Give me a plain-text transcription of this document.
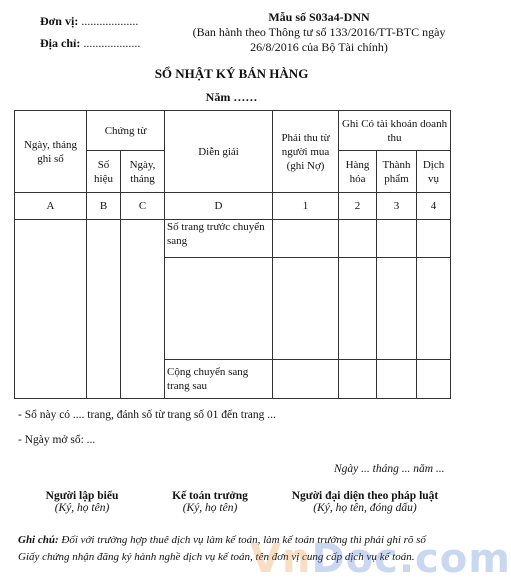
Đơn vị: ...................
Địa chỉ: ...................
Mẫu số S03a4-DNN
(Ban hành theo Thông tư số 133/2016/TT-BTC ngày
26/8/2016 của Bộ Tài chính)
SỔ NHẬT KÝ BÁN HÀNG
Năm ……
Ngày, tháng ghi sổ	Chứng từ		Diễn giải	Phải thu từ người mua (ghi Nợ)	Ghi Có tài khoản doanh thu		
	Số hiệu	Ngày, tháng			Hàng hóa	Thành phẩm	Dịch vụ
A	B	C	D	1	2	3	4
			Số trang trước chuyển sang				

			Cộng chuyển sang trang sau				
- Sổ này có .... trang, đánh số từ trang số 01 đến trang ...
- Ngày mở sổ: ...
Ngày ... tháng ... năm ...
Người lập biểu
(Ký, họ tên)
Kế toán trưởng
(Ký, họ tên)
Người đại diện theo pháp luật
(Ký, họ tên, đóng dấu)
Ghi chú: Đối với trường hợp thuê dịch vụ làm kế toán, làm kế toán trưởng thì phải ghi rõ số Giấy chứng nhận đăng ký hành nghề dịch vụ kế toán, tên đơn vị cung cấp dịch vụ kế toán.
VnDoc.com
